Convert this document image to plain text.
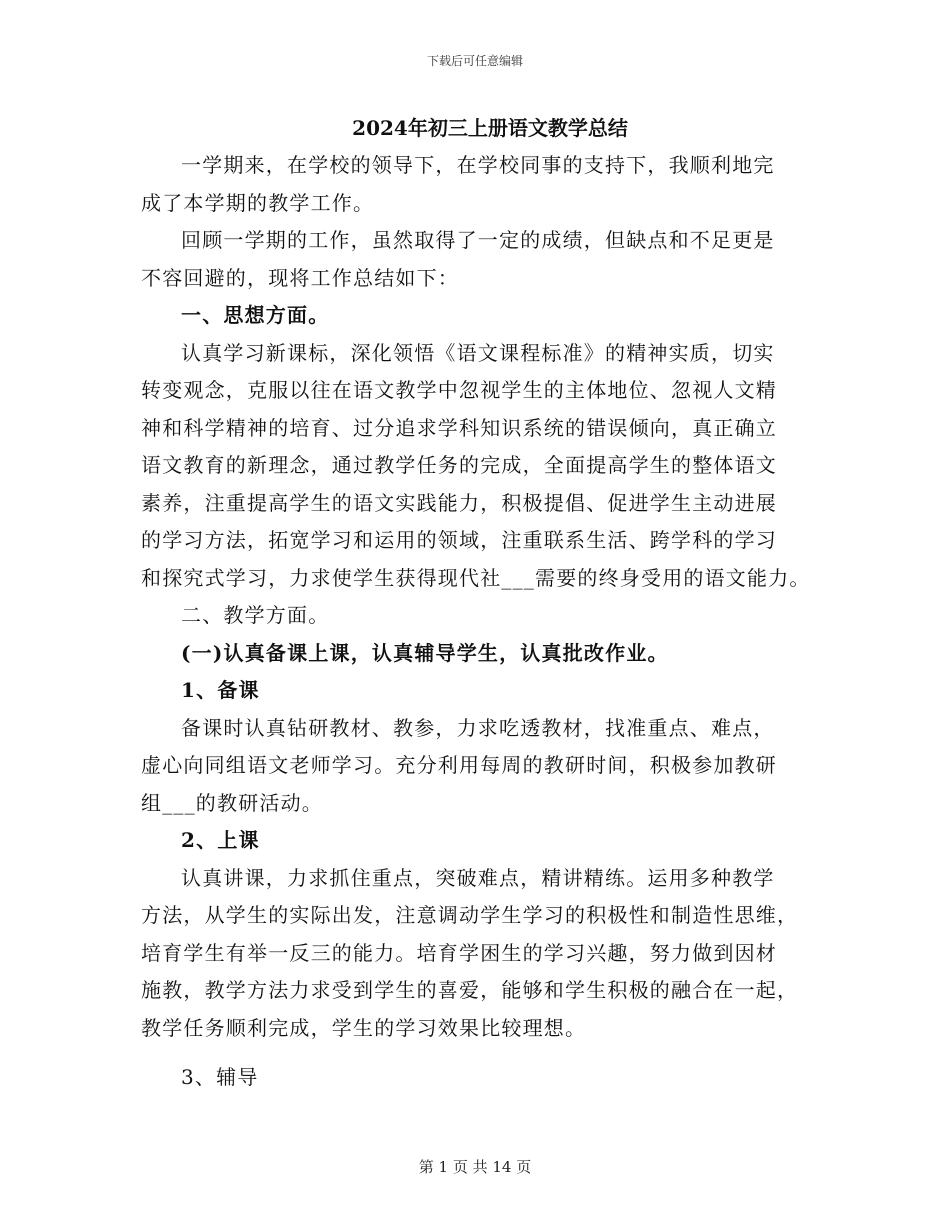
下载后可任意编辑
2024年初三上册语文教学总结
一学期来，在学校的领导下，在学校同事的支持下，我顺利地完
成了本学期的教学工作。
回顾一学期的工作，虽然取得了一定的成绩，但缺点和不足更是
不容回避的，现将工作总结如下：
一、思想方面。
认真学习新课标，深化领悟《语文课程标准》的精神实质，切实
转变观念，克服以往在语文教学中忽视学生的主体地位、忽视人文精
神和科学精神的培育、过分追求学科知识系统的错误倾向，真正确立
语文教育的新理念，通过教学任务的完成，全面提高学生的整体语文
素养，注重提高学生的语文实践能力，积极提倡、促进学生主动进展
的学习方法，拓宽学习和运用的领域，注重联系生活、跨学科的学习
和探究式学习，力求使学生获得现代社___需要的终身受用的语文能力。
二、教学方面。
(一)认真备课上课，认真辅导学生，认真批改作业。
1、备课
备课时认真钻研教材、教参，力求吃透教材，找准重点、难点，
虚心向同组语文老师学习。充分利用每周的教研时间，积极参加教研
组___的教研活动。
2、上课
认真讲课，力求抓住重点，突破难点，精讲精练。运用多种教学
方法，从学生的实际出发，注意调动学生学习的积极性和制造性思维，
培育学生有举一反三的能力。培育学困生的学习兴趣，努力做到因材
施教，教学方法力求受到学生的喜爱，能够和学生积极的融合在一起，
教学任务顺利完成，学生的学习效果比较理想。
3、辅导
第 1 页 共 14 页
